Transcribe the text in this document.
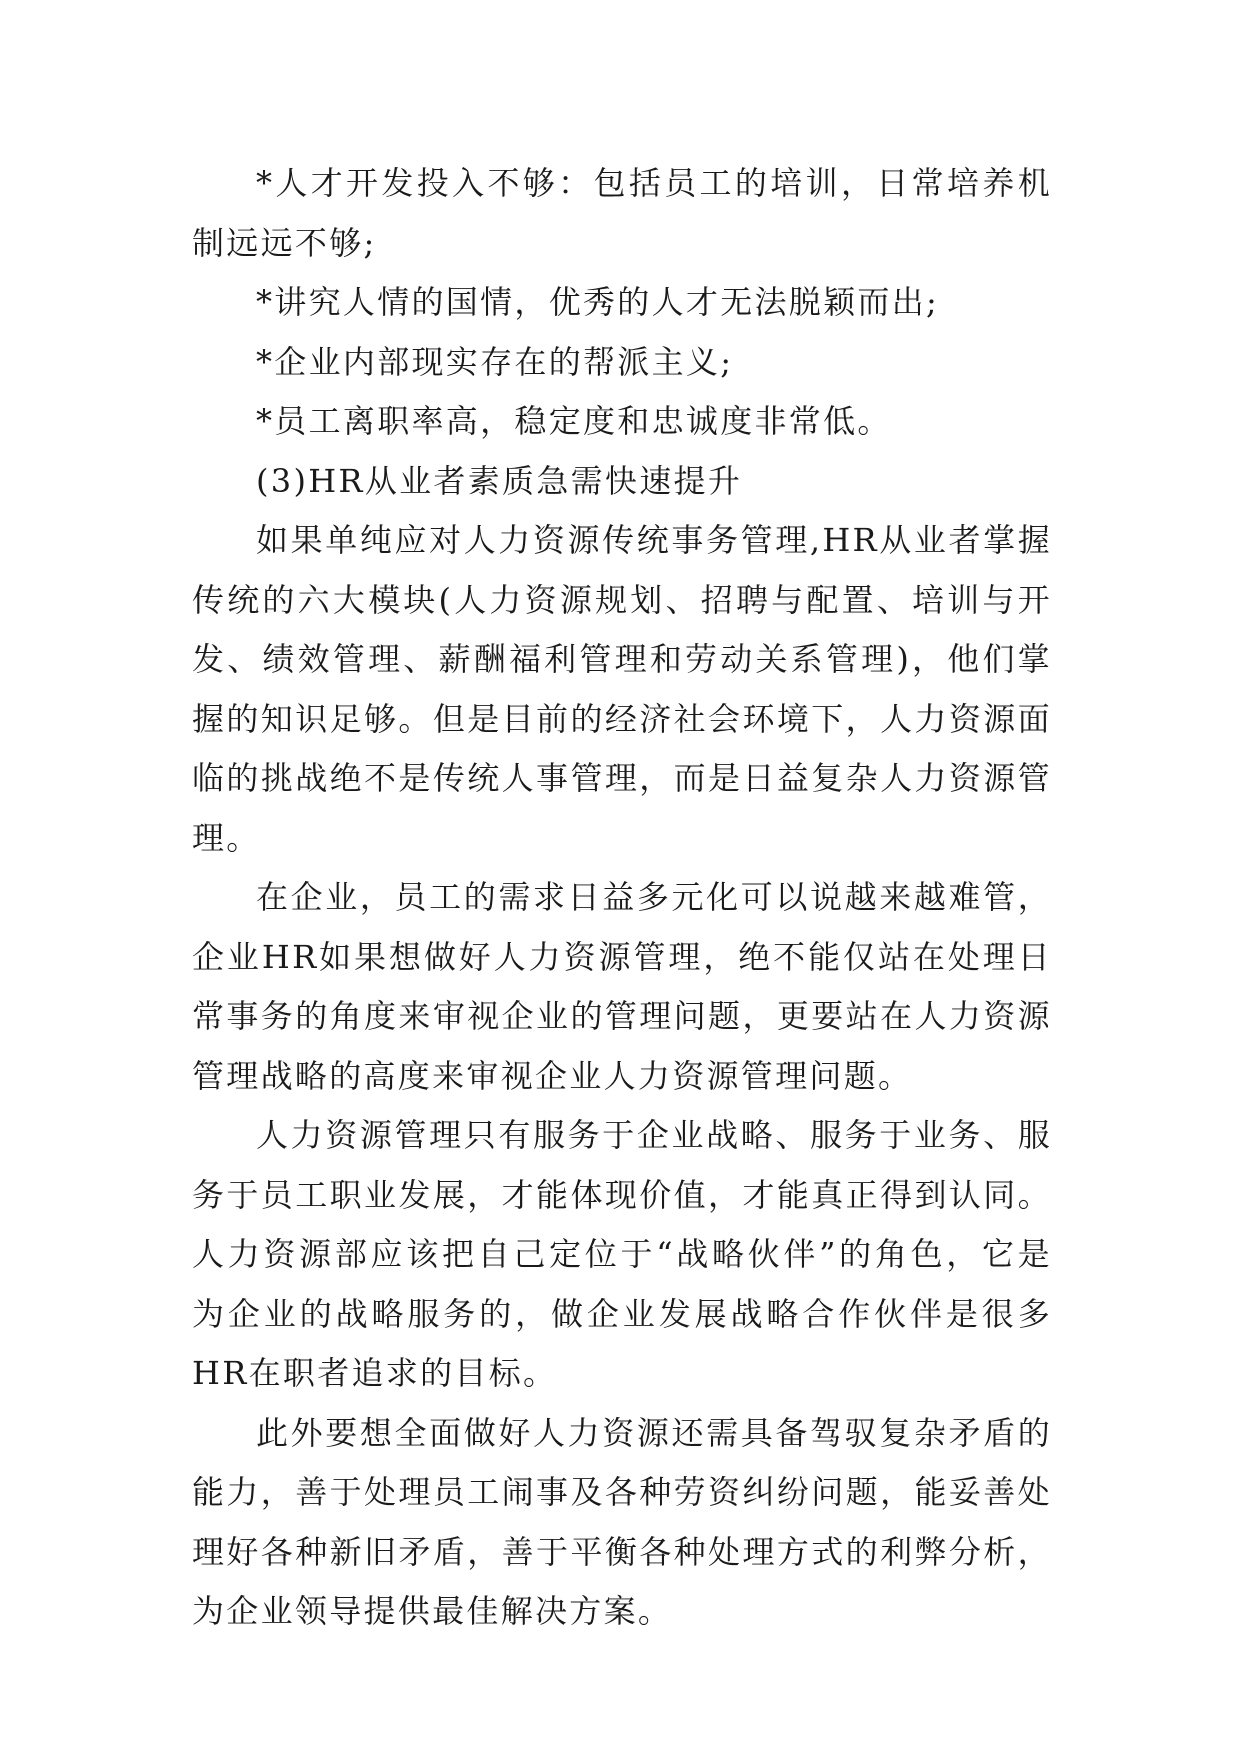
*人才开发投入不够：包括员工的培训，日常培养机制远远不够;

*讲究人情的国情，优秀的人才无法脱颖而出;

*企业内部现实存在的帮派主义;

*员工离职率高，稳定度和忠诚度非常低。

(3)HR从业者素质急需快速提升

如果单纯应对人力资源传统事务管理,HR从业者掌握传统的六大模块(人力资源规划、招聘与配置、培训与开发、绩效管理、薪酬福利管理和劳动关系管理)，他们掌握的知识足够。但是目前的经济社会环境下，人力资源面临的挑战绝不是传统人事管理，而是日益复杂人力资源管理。

在企业，员工的需求日益多元化可以说越来越难管，企业HR如果想做好人力资源管理，绝不能仅站在处理日常事务的角度来审视企业的管理问题，更要站在人力资源管理战略的高度来审视企业人力资源管理问题。

人力资源管理只有服务于企业战略、服务于业务、服务于员工职业发展，才能体现价值，才能真正得到认同。人力资源部应该把自己定位于“战略伙伴”的角色，它是为企业的战略服务的，做企业发展战略合作伙伴是很多HR在职者追求的目标。

此外要想全面做好人力资源还需具备驾驭复杂矛盾的能力，善于处理员工闹事及各种劳资纠纷问题，能妥善处理好各种新旧矛盾，善于平衡各种处理方式的利弊分析，为企业领导提供最佳解决方案。
